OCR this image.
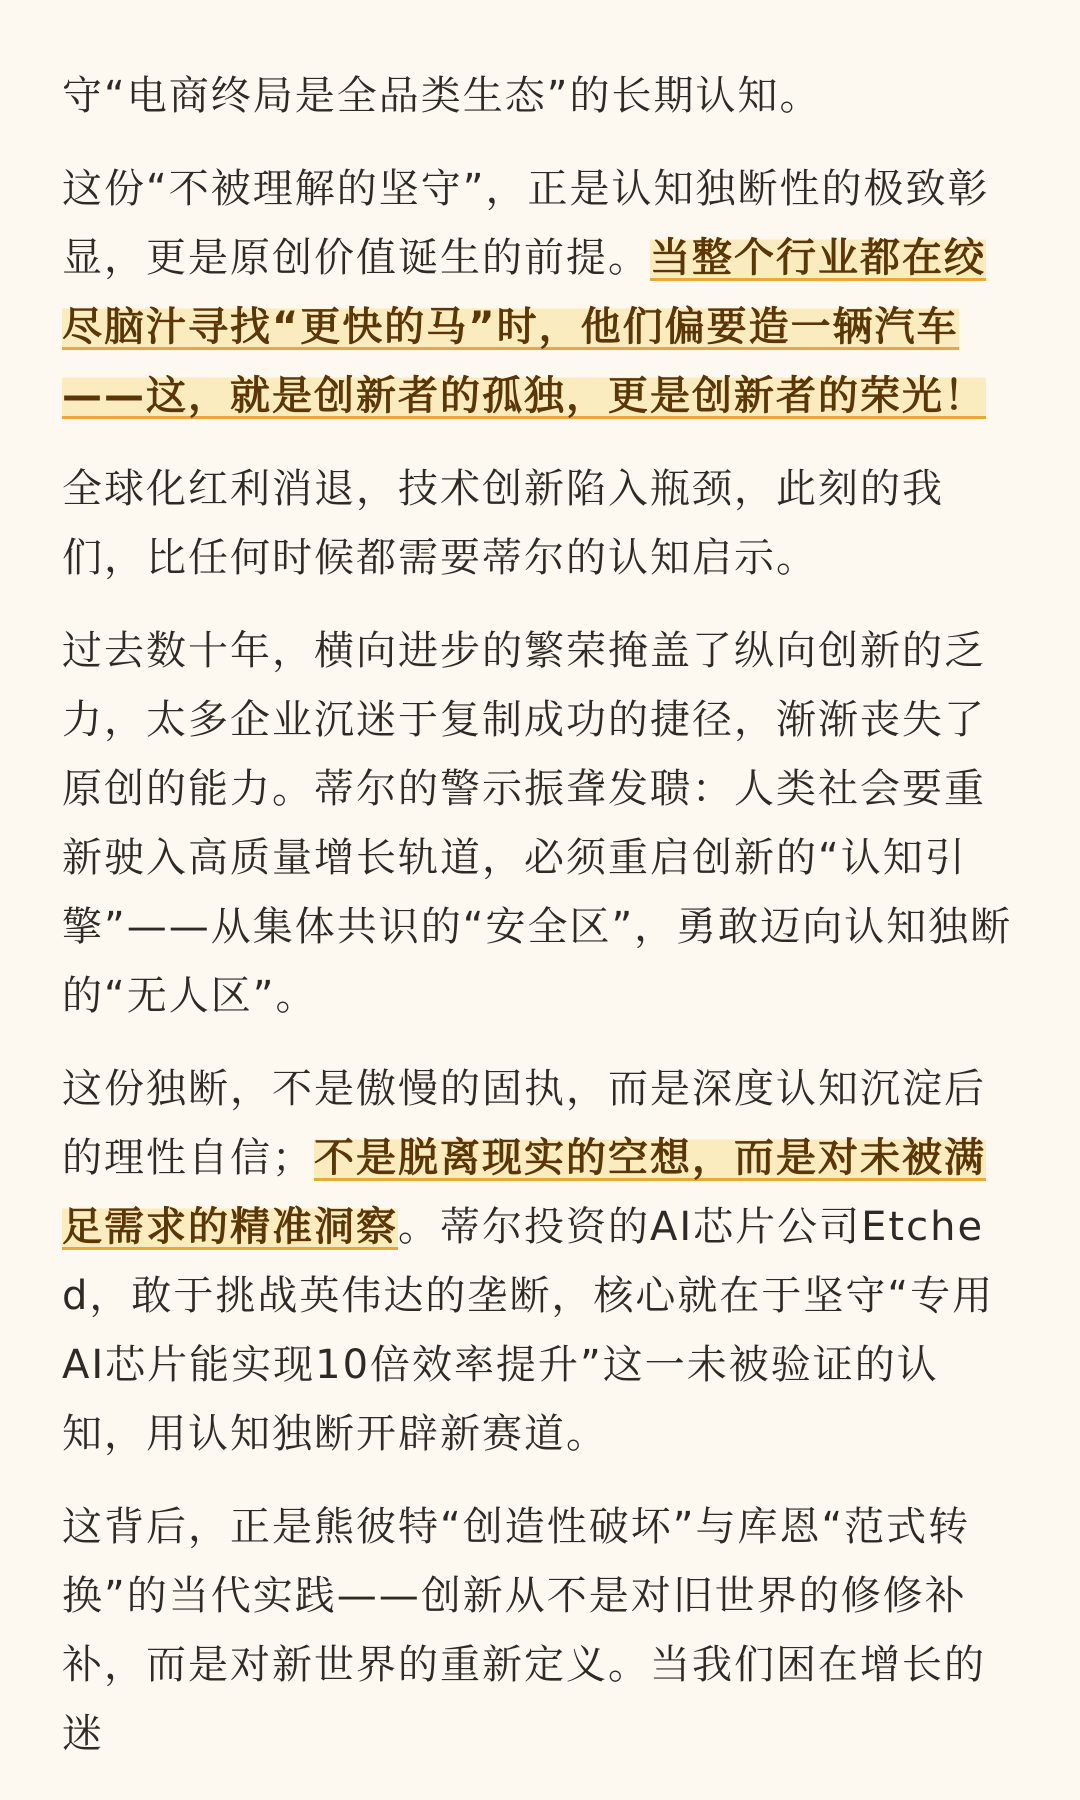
守“电商终局是全品类生态”的长期认知。

这份“不被理解的坚守”，正是认知独断性的极致彰显，更是原创价值诞生的前提。当整个行业都在绞尽脑汁寻找“更快的马”时，他们偏要造一辆汽车——这，就是创新者的孤独，更是创新者的荣光！

全球化红利消退，技术创新陷入瓶颈，此刻的我们，比任何时候都需要蒂尔的认知启示。

过去数十年，横向进步的繁荣掩盖了纵向创新的乏力，太多企业沉迷于复制成功的捷径，渐渐丧失了原创的能力。蒂尔的警示振聋发聩：人类社会要重新驶入高质量增长轨道，必须重启创新的“认知引擎”——从集体共识的“安全区”，勇敢迈向认知独断的“无人区”。

这份独断，不是傲慢的固执，而是深度认知沉淀后的理性自信；不是脱离现实的空想，而是对未被满足需求的精准洞察。蒂尔投资的AI芯片公司Etched，敢于挑战英伟达的垄断，核心就在于坚守“专用AI芯片能实现10倍效率提升”这一未被验证的认知，用认知独断开辟新赛道。

这背后，正是熊彼特“创造性破坏”与库恩“范式转换”的当代实践——创新从不是对旧世界的修修补补，而是对新世界的重新定义。当我们困在增长的迷
